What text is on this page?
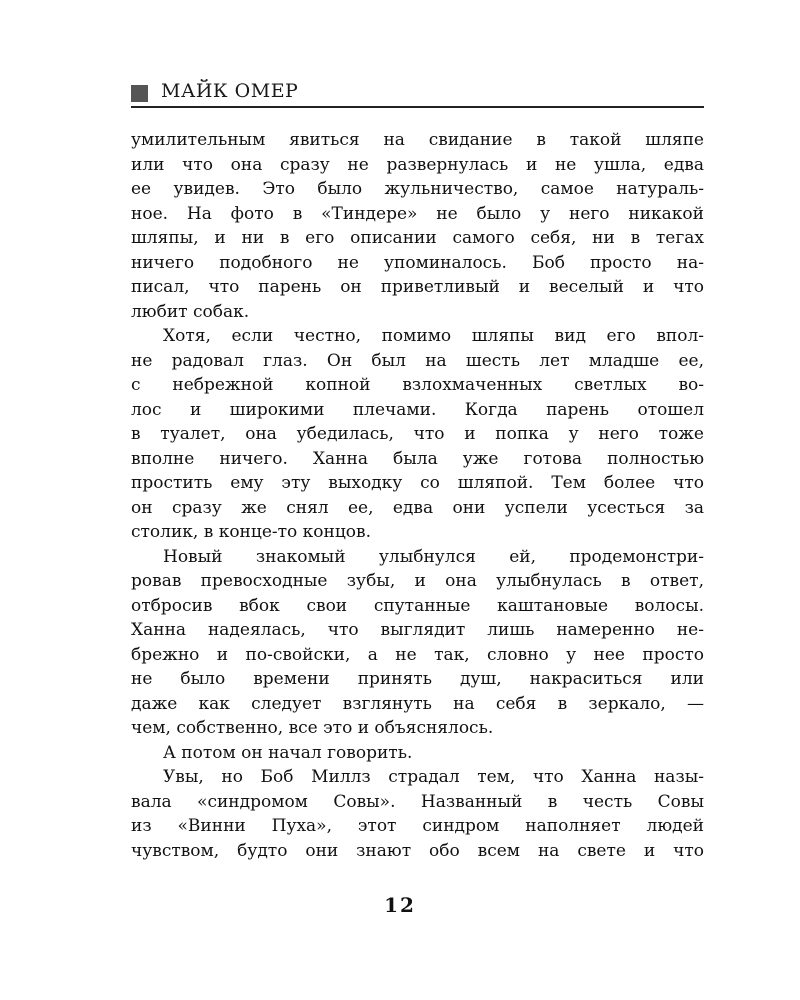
МАЙК ОМЕР
умилительным явиться на свидание в такой шляпе
или что она сразу не развернулась и не ушла, едва
ее увидев. Это было жульничество, самое натураль-
ное. На фото в «Тиндере» не было у него никакой
шляпы, и ни в его описании самого себя, ни в тегах
ничего подобного не упоминалось. Боб просто на-
писал, что парень он приветливый и веселый и что
любит собак.
Хотя, если честно, помимо шляпы вид его впол-
не радовал глаз. Он был на шесть лет младше ее,
с небрежной копной взлохмаченных светлых во-
лос и широкими плечами. Когда парень отошел
в туалет, она убедилась, что и попка у него тоже
вполне ничего. Ханна была уже готова полностью
простить ему эту выходку со шляпой. Тем более что
он сразу же снял ее, едва они успели усесться за
столик, в конце-то концов.
Новый знакомый улыбнулся ей, продемонстри-
ровав превосходные зубы, и она улыбнулась в ответ,
отбросив вбок свои спутанные каштановые волосы.
Ханна надеялась, что выглядит лишь намеренно не-
брежно и по-свойски, а не так, словно у нее просто
не было времени принять душ, накраситься или
даже как следует взглянуть на себя в зеркало, —
чем, собственно, все это и объяснялось.
А потом он начал говорить.
Увы, но Боб Миллз страдал тем, что Ханна назы-
вала «синдромом Совы». Названный в честь Совы
из «Винни Пуха», этот синдром наполняет людей
чувством, будто они знают обо всем на свете и что
12
